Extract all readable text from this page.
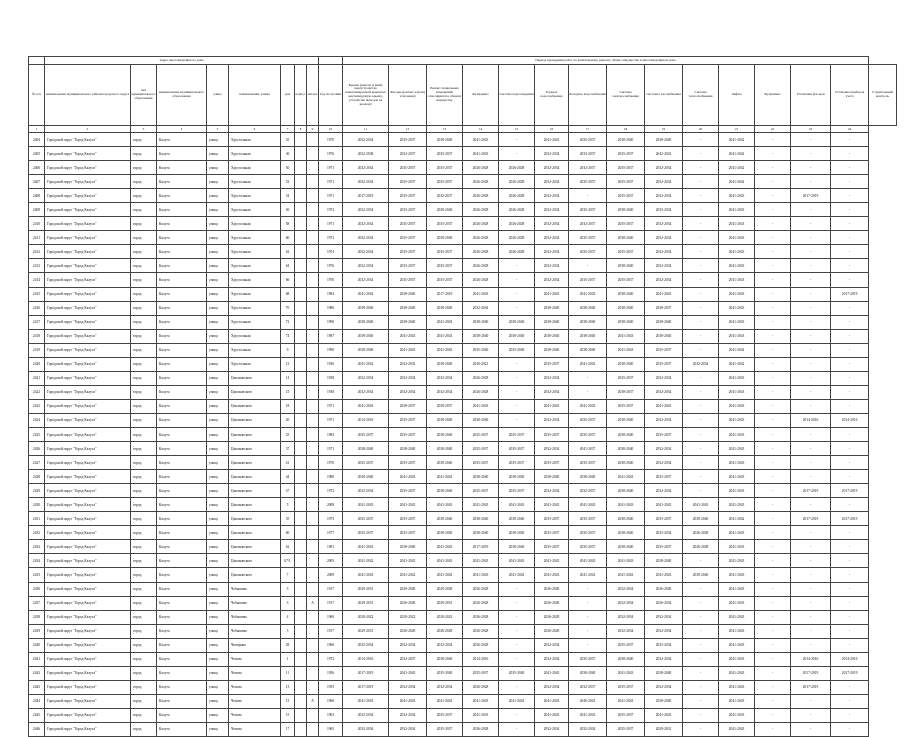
	Адрес многоквартирного дома									Период проведения работ по капитальному ремонту общего имущества в многоквартирном доме														
№ п/п	наименование муниципального района/городского округа	тип муниципального образования	наименование муниципального образования	улица	наименование улицы	дом	корпус	литера	Год постройки	Крыша (ремонт и (или) переустройство невентилируемой крыши на вентилируемую крышу, устройство выходов на кровлю)	Фасады (ремонт и (или) утепление)	Ремонт подвальных помещений, относящихся к общему имуществу	Фундамент	Система водоотведения	Горячее водоснабжение	Холодное водоснабжение	Система электроснабжения	Система газоснабжения	Система теплоснабжения	Лифты	Фундамент	Утепление фасадов	Установка приборов учета	Строительный контроль
1	2	3	4	5	6	7	8	9	10	11	12	13	14	15	16	17	18	19	20	21	22	23	24	
2404	Городской округ "Город Калуга"	город	Калуга	улица	Хрустальная	35			1970	2032-2034	2035-2037	2038-2040	2041-2043	-	2041-2043	2035-2037	2038-2040	2038-2040	-	2041-2042	-	-	-	
2405	Городской округ "Город Калуга"	город	Калуга	улица	Хрустальная	36			1976	2032-2038	2032-2037	2035-2037	2041-2043	-	2032-2034	2033-2037	2035-2037	2042-2043	-	2041-2042	-	-	-	
2406	Городской округ "Город Калуга"	город	Калуга	улица	Хрустальная	50			1971	2032-2034	2035-2037	2035-2037	2026-2028	2026-2028	2032-2034	2032-2037	2035-2037	2032-2034	-	2041-2042	-	-	-	
2407	Городской округ "Город Калуга"	город	Калуга	улица	Хрустальная	52			1971	2032-2034	2035-2037	2035-2037	2026-2028	2026-2028	2032-2034	2035-2037	2035-2037	2032-2034	-	2041-2042	-	-	-	
2408	Городской округ "Город Калуга"	город	Калуга	улица	Хрустальная	54			1971	2017-2019	2035-2037	2032-2037	2026-2028	2026-2028	2032-2034	-	2035-2037	2032-2034	-	2041-2043	-	2017-2019	-	
2409	Городской округ "Город Калуга"	город	Калуга	улица	Хрустальная	56			1972	2032-2034	2035-2037	2038-2040	2026-2028	2026-2028	2032-2034	2035-2037	2038-2040	2035-2034	-	2041-2043	-	-	-	
2410	Городской округ "Город Калуга"	город	Калуга	улица	Хрустальная	58			1971	2032-2034	2035-2037	2035-2037	2026-2028	2026-2028	2032-2034	2032-2037	2035-2037	2032-2034	-	2041-2043	-	-	-	
2411	Городской округ "Город Калуга"	город	Калуга	улица	Хрустальная	60			1972	2032-2034	2035-2037	2038-2040	2026-2028	2026-2028	2032-2034	2035-2037	2038-2040	2032-2034	-	2041-2043	-	-	-	
2412	Городской округ "Город Калуга"	город	Калуга	улица	Хрустальная	62			1974	2032-2034	2035-2037	2035-2037	2026-2028	2026-2028	2032-2034	2035-2037	2035-2037	2032-2034	-	2041-2043	-	-	-	
2413	Городской округ "Город Калуга"	город	Калуга	улица	Хрустальная	64			1976	2032-2034	2035-2037	2035-2037	2026-2028	-	2032-2034	-	2038-2040	2032-2034	-	2041-2043	-	-	-	
2414	Городской округ "Город Калуга"	город	Калуга	улица	Хрустальная	66			1976	2032-2034	2035-2037	2035-2037	2026-2028	-	2032-2034	2035-2037	2035-2037	2032-2034	-	2041-2043	-	-	-	
2415	Городской округ "Город Калуга"	город	Калуга	улица	Хрустальная	68			1984	2041-2042	2038-2040	2017-2019	2041-2043	-	2041-2043	2041-2043	2038-2040	2041-2043	-	2041-2043	-	-	2017-2019	
2416	Городской округ "Город Калуга"	город	Калуга	улица	Хрустальная	70			1986	2038-2040	2038-2040	2038-2040	2032-2034	-	2038-2040	2038-2040	2038-2040	2038-2037	-	2041-2043	-	-	-	
2417	Городской округ "Город Калуга"	город	Калуга	улица	Хрустальная	72			1990	2038-2040	2038-2040	2041-2043	2038-2040	2038-2040	2038-2040	2038-2040	2038-2040	2038-2040	-	2041-2043	-	-	-	
2418	Городской округ "Город Калуга"	город	Калуга	улица	Хрустальная	74			1987	2038-2040	2041-2043	2041-2043	2038-2040	2038-2040	2038-2040	2038-2040	2041-2043	2038-2040	-	2041-2043	-	-	-	
2419	Городской округ "Город Калуга"	город	Калуга	улица	Хрустальная	9			1990	2038-2040	2041-2043	2041-2043	2035-2040	2035-2040	2038-2040	2038-2040	2041-2043	2035-2037	-	2041-2042	-	-	-	
2420	Городской округ "Город Калуга"	город	Калуга	улица	Хрустальная	13			1936	2041-2042	2032-2033	2038-2040	2020-2021	-	2035-2037	2041-2043	2038-2040	2035-2037	2032-2034	2041-2042	-	-	-	
2421	Городской округ "Город Калуга"	город	Калуга	улица	Циолковского	14			1938	2032-2034	2032-2034	2032-2034	2026-2028	-	2032-2034	-	2035-2037	2032-2034	-	2041-2043	-	-	-	
2422	Городской округ "Город Калуга"	город	Калуга	улица	Циолковского	15			1938	2032-2034	2032-2034	2032-2034	2026-2028	-	2032-2034	-	2038-2037	2032-2034	-	2041-2043	-	-	-	
2423	Городской округ "Город Калуга"	город	Калуга	улица	Циолковского	18			1971	2041-2043	2038-2037	2038-2037	2041-2043	-	2041-2043	2041-2043	2035-2037	2041-2043	-	2041-2043	-	-	-	
2424	Городской округ "Город Калуга"	город	Калуга	улица	Циолковского	20			1971	2014-2016	2035-2037	2038-2040	2038-2040	-	2032-2034	2035-2037	2038-2040	2032-2034	-	2041-2043	-	2014-2016	2014-2016	
2425	Городской округ "Город Калуга"	город	Калуга	улица	Циолковского	35			1982	2035-2037	2035-2037	2038-2040	2035-2037	2025-2037	2035-2037	2035-2037	2038-2040	2035-2037	-	2041-2043	-	-	-	
2426	Городской округ "Город Калуга"	город	Калуга	улица	Циолковского	37			1971	2038-2040	2038-2040	2038-2040	2035-2037	2035-2037	2032-2034	2041-2037	2038-2040	2032-2034	-	2041-2043	-	-	-	
2427	Городской округ "Город Калуга"	город	Калуга	улица	Циолковского	41			1976	2035-2037	2035-2037	2038-2040	2035-2037	2035-2037	2035-2037	2035-2037	2038-2040	2032-2034	-	2041-2043	-	-	-	
2428	Городской округ "Город Калуга"	город	Калуга	улица	Циолковского	44			1980	2038-2040	2041-2043	2041-2043	2038-2040	2038-2040	2038-2040	2038-2040	2041-2043	2035-2037	-	2041-2043	-	-	-	
2429	Городской округ "Город Калуга"	город	Калуга	улица	Циолковского	47			1972	2032-2034	2035-2037	2038-2040	2035-2037	2035-2037	2032-2034	2032-2037	2038-2040	2032-2034	-	2041-2043	-	2017-2019	2017-2019	
2430	Городской округ "Город Калуга"	город	Калуга	улица	Циолковского	5			2008	2041-2043	2041-2043	2041-2043	2041-2043	2041-2043	2041-2043	2041-2043	2041-2043	2041-2043	2041-2043	2041-2043	-	-	-	
2431	Городской округ "Город Калуга"	город	Калуга	улица	Циолковского	55			1975	2035-2037	2035-2037	2038-2040	2038-2040	2038-2040	2035-2037	2035-2037	2038-2040	2035-2037	2038-2040	2041-2042	-	2017-2019	2017-2019	
2432	Городской округ "Город Калуга"	город	Калуга	улица	Циолковского	60			1977	2035-2037	2035-2037	2038-2040	2038-2040	2038-2040	2035-2037	2035-2037	2038-2040	2035-2034	2026-2028	2041-2043	-	-	-	
2433	Городской округ "Город Калуга"	город	Калуга	улица	Циолковского	62			1981	2041-2043	2038-2040	2041-2043	2017-2019	2038-2040	2035-2037	2035-2037	2038-2040	2035-2037	2026-2028	2041-2043	-	-	-	
2434	Городской округ "Город Калуга"	город	Калуга	улица	Циолковского	67/1			2005	2041-2042	2041-2043	2041-2043	2041-2043	2041-2043	2041-2043	2041-2043	2041-2043	2038-2040	-	2041-2043	-	-	-	
2435	Городской округ "Город Калуга"	город	Калуга	улица	Циолковского	7			2009	2041-2043	2041-2042	2041-2043	2041-2043	2041-2043	2041-2043	2041-2043	2041-2043	2041-2043	2038-2040	2041-2043	-	-	-	
2436	Городской округ "Город Калуга"	город	Калуга	улица	Чебышева	3			1917	2029-2031	2029-2028	2029-2028	2026-2028	-	2026-2028	-	2032-2034	2026-2028	-	2041-2043	-	-	-	
2437	Городской округ "Город Калуга"	город	Калуга	улица	Чебышева	3		А	1917	2029-2031	2026-2028	2029-2031	2026-2028	-	2026-2028	-	2032-2034	2026-2034	-	2041-2043	-	-	-	
2438	Городской округ "Город Калуга"	город	Калуга	улица	Чебышева	4			1960	2020-2022	2020-2022	2020-2022	2026-2028	-	2026-2028	-	2032-2034	2032-2034	-	2041-2043	-	-	-	
2439	Городской округ "Город Калуга"	город	Калуга	улица	Чебышева	5			1917	2029-2031	2026-2028	2026-2028	2026-2028	-	2026-2028	-	2032-2034	2032-2034	-	2041-2043	-	-	-	
2440	Городской округ "Город Калуга"	город	Калуга	улица	Чичерина	28			1966	2032-2034	2032-2034	2032-2034	2026-2028	-	2032-2034	-	2035-2037	2035-2034	-	2041-2043	-	-	-	
2441	Городской округ "Город Калуга"	город	Калуга	улица	Чехова	1			1972	2014-2016	2032-2037	2038-2040	2014-2016	-	2032-2034	2035-2037	2038-2040	2032-2034	-	2041-2043	-	2014-2016	2014-2016	
2442	Городской округ "Город Калуга"	город	Калуга	улица	Чехова	11			1956	2017-2019	2041-2043	2035-2040	2035-2037	2035-2040	2041-2043	2038-2040	2041-2043	2038-2040	-	2041-2043	-	2017-2019	2017-2019	
2443	Городской округ "Город Калуга"	город	Калуга	улица	Чехова	13			1955	2017-2019	2032-2034	2032-2034	2026-2028	-	2032-2034	2032-2037	2035-2037	2032-2034	-	2041-2043	-	2017-2019	-	
2444	Городской округ "Город Калуга"	город	Калуга	улица	Чехова	13		А	1966	2041-2043	2041-2043	2041-2043	2041-2043	2041-2043	2041-2043	2040-2043	2041-2043	2038-2040	-	2041-2043	-	-	-	
2445	Городской округ "Город Калуга"	город	Калуга	улица	Чехова	15			1963	2032-2034	2032-2034	2035-2037	2041-2043	-	2041-2043	2041-2043	2035-2037	2041-2043	-	2041-2043	-	-	-	
2446	Городской округ "Город Калуга"	город	Калуга	улица	Чехова	17			1965	2032-2034	2032-2034	2035-2037	2026-2028	-	2032-2034	2032-2034	2035-2037	2029-2031	-	2041-2043	-	-	-	
